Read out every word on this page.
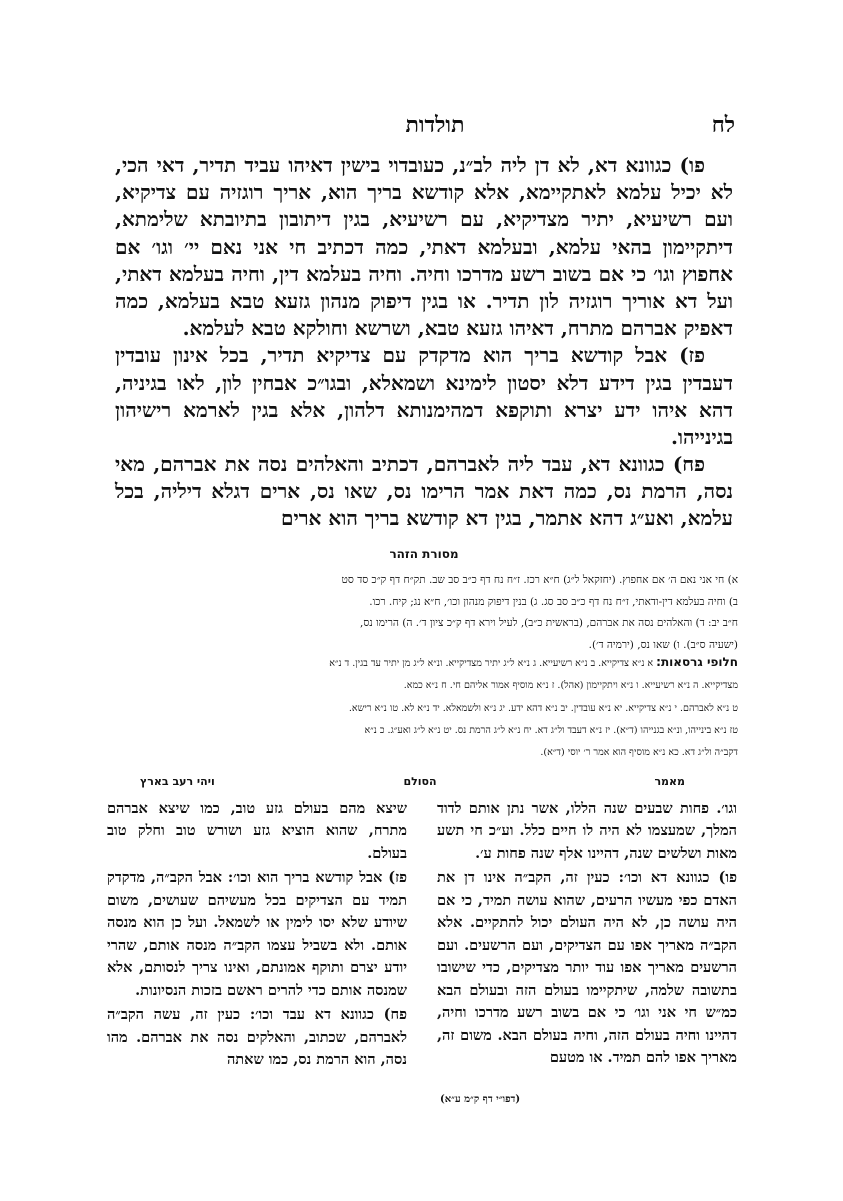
לח
תולדות

פו) כגוונא דא, לא דן ליה לב״נ, כעובדוי בישין דאיהו עביד תדיר, דאי הכי, לא יכיל עלמא לאתקיימא, אלא קודשא בריך הוא, אריך רוגזיה עם צדיקיא, ועם רשיעיא, יתיר מצדיקיא, עם רשיעיא, בגין דיתובון בתיובתא שלימתא, דיתקיימון בהאי עלמא, ובעלמא דאתי, כמה דכתיב חי אני נאם יי׳ וגו׳ אם אחפוץ וגו׳ כי אם בשוב רשע מדרכו וחיה. וחיה בעלמא דין, וחיה בעלמא דאתי, ועל דא אוריך רוגזיה לון תדיר. או בגין דיפוק מנהון גזעא טבא בעלמא, כמה דאפיק אברהם מתרח, דאיהו גזעא טבא, ושרשא וחולקא טבא לעלמא.

פז) אבל קודשא בריך הוא מדקדק עם צדיקיא תדיר, בכל אינון עובדין דעבדין בגין דידע דלא יסטון לימינא ושמאלא, ובגו״כ אבחין לון, לאו בגיניה, דהא איהו ידע יצרא ותוקפא דמהימנותא דלהון, אלא בגין לארמא רישיהון בגינייהו.

פח) כגוונא דא, עבד ליה לאברהם, דכתיב והאלהים נסה את אברהם, מאי נסה, הרמת נס, כמה דאת אמר הרימו נס, שאו נס, ארים דגלא דיליה, בכל עלמא, ואע״ג דהא אתמר, בגין דא קודשא בריך הוא ארים

מסורת הזהר
א) חי אני נאם ה׳ אם אחפוץ. (יחזקאל ל״ג) ח״א רכז. ז״ח נח דף כ״ב סב שב. תק״ח דף ק״כ סד סט
ב) וחיה בעלמא דין-ודאתי, ז״ח נח דף כ״ב סב סג. ג) בנין דיפוק מנהון וכו׳, ח״א נג; קיח. רכו.
ח״ב יב: ד) והאלהים נסה את אברהם, (בראשית כ״ב), לעיל וירא דף ק״כ ציון ד׳. ה) הרימו נס,
(ישעיה ס״ב). ו) שאו נס, (ירמיה ד׳).
חלופי גרסאות: א נ״א צדיקייא. ב נ״א רשיעייא. ג נ״א ל״ג יתיר מצדיקייא. ונ״א ל״ג מן יתיר עד בגין. ד נ״א
מצדיקייא. ה נ״א רשיעייא. ו נ״א ויתקיימון (אהל). ז נ״א מוסיף אמור אליהם חי. ח נ״א כמא.
ט נ״א לאברהם. י נ״א צדיקייא. יא נ״א עובדין. יב נ״א דהא ידע. יג נ״א ולשמאלא. יד נ״א לא. טו נ״א רישא.
טז נ״א בינייהו, ונ״א בגנייהו (ד״א). יז נ״א דעבד ול״ג דא. יח נ״א ל״ג הרמת נס. יט נ״א ל״ג ואע״ג. כ נ״א
דקב״ה ול״ג דא. כא נ״א מוסיף הוא אמר ר׳ יוסי (ד״א).
מאמר
הסולם
ויהי רעב בארץ

וגו׳. פחות שבעים שנה הללו, אשר נתן אותם לדוד המלך, שמעצמו לא היה לו חיים כלל. וע״כ חי תשע מאות ושלשים שנה, דהיינו אלף שנה פחות ע׳.

פו) כגוונא דא וכו׳: כעין זה, הקב״ה אינו דן את האדם כפי מעשיו הרעים, שהוא עושה תמיד, כי אם היה עושה כן, לא היה העולם יכול להתקיים. אלא הקב״ה מאריך אפו עם הצדיקים, ועם הרשעים. ועם הרשעים מאריך אפו עוד יותר מצדיקים, כדי שישובו בתשובה שלמה, שיתקיימו בעולם הזה ובעולם הבא כמ״ש חי אני וגו׳ כי אם בשוב רשע מדרכו וחיה, דהיינו וחיה בעולם הזה, וחיה בעולם הבא. משום זה, מאריך אפו להם תמיד. או מטעם

(דפו״י דף ק״מ ע״א)

שיצא מהם בעולם גזע טוב, כמו שיצא אברהם מתרח, שהוא הוציא גזע ושורש טוב וחלק טוב בעולם.

פז) אבל קודשא בריך הוא וכו׳: אבל הקב״ה, מדקדק תמיד עם הצדיקים בכל מעשיהם שעושים, משום שיודע שלא יסו לימין או לשמאל. ועל כן הוא מנסה אותם. ולא בשביל עצמו הקב״ה מנסה אותם, שהרי יודע יצרם ותוקף אמונתם, ואינו צריך לנסותם, אלא שמנסה אותם כדי להרים ראשם בזכות הנסיונות.

פח) כגוונא דא עבד וכו׳: כעין זה, עשה הקב״ה לאברהם, שכתוב, והאלקים נסה את אברהם. מהו נסה, הוא הרמת נס, כמו שאתה
